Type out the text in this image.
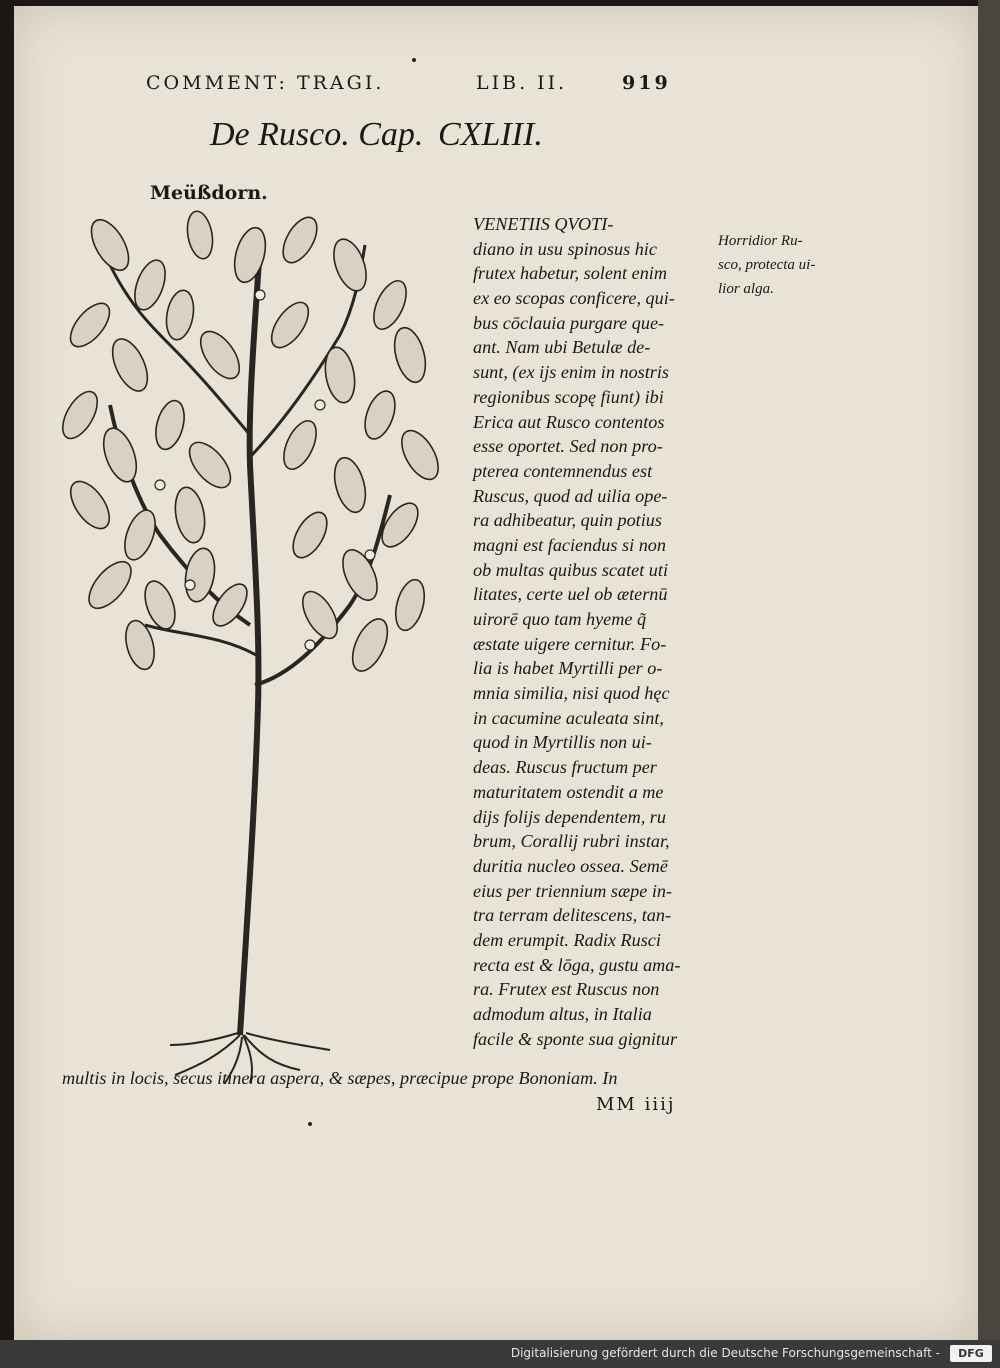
COMMENT: TRAGI.	LIB. II.	919
De Rusco. Cap. CXLIII.
Meüßdorn.
VENETIIS QVOTI-
diano in usu spinosus hic
frutex habetur, solent enim
ex eo scopas conficere, qui-
bus cōclauia purgare que-
ant. Nam ubi Betulæ de-
sunt, (ex ijs enim in nostris
regionibus scopę fiunt) ibi
Erica aut Rusco contentos
esse oportet. Sed non pro-
pterea contemnendus est
Ruscus, quod ad uilia ope-
ra adhibeatur, quin potius
magni est faciendus si non
ob multas quibus scatet uti
litates, certe uel ob æternū
uirorē quo tam hyeme q̃
æstate uigere cernitur. Fo-
lia is habet Myrtilli per o-
mnia similia, nisi quod hęc
in cacumine aculeata sint,
quod in Myrtillis non ui-
deas. Ruscus fructum per
maturitatem ostendit a me
dijs folijs dependentem, ru
brum, Corallij rubri instar,
duritia nucleo ossea. Semē
eius per triennium sæpe in-
tra terram delitescens, tan-
dem erumpit. Radix Rusci
recta est & lōga, gustu ama-
ra. Frutex est Ruscus non
admodum altus, in Italia
facile & sponte sua gignitur
Horridior Ru-
sco, protecta ui-
lior alga.
multis in locis, secus itinera aspera, & sæpes, præcipue prope Bononiam. In
MM iiij
Digitalisierung gefördert durch die Deutsche Forschungsgemeinschaft -	DFG
